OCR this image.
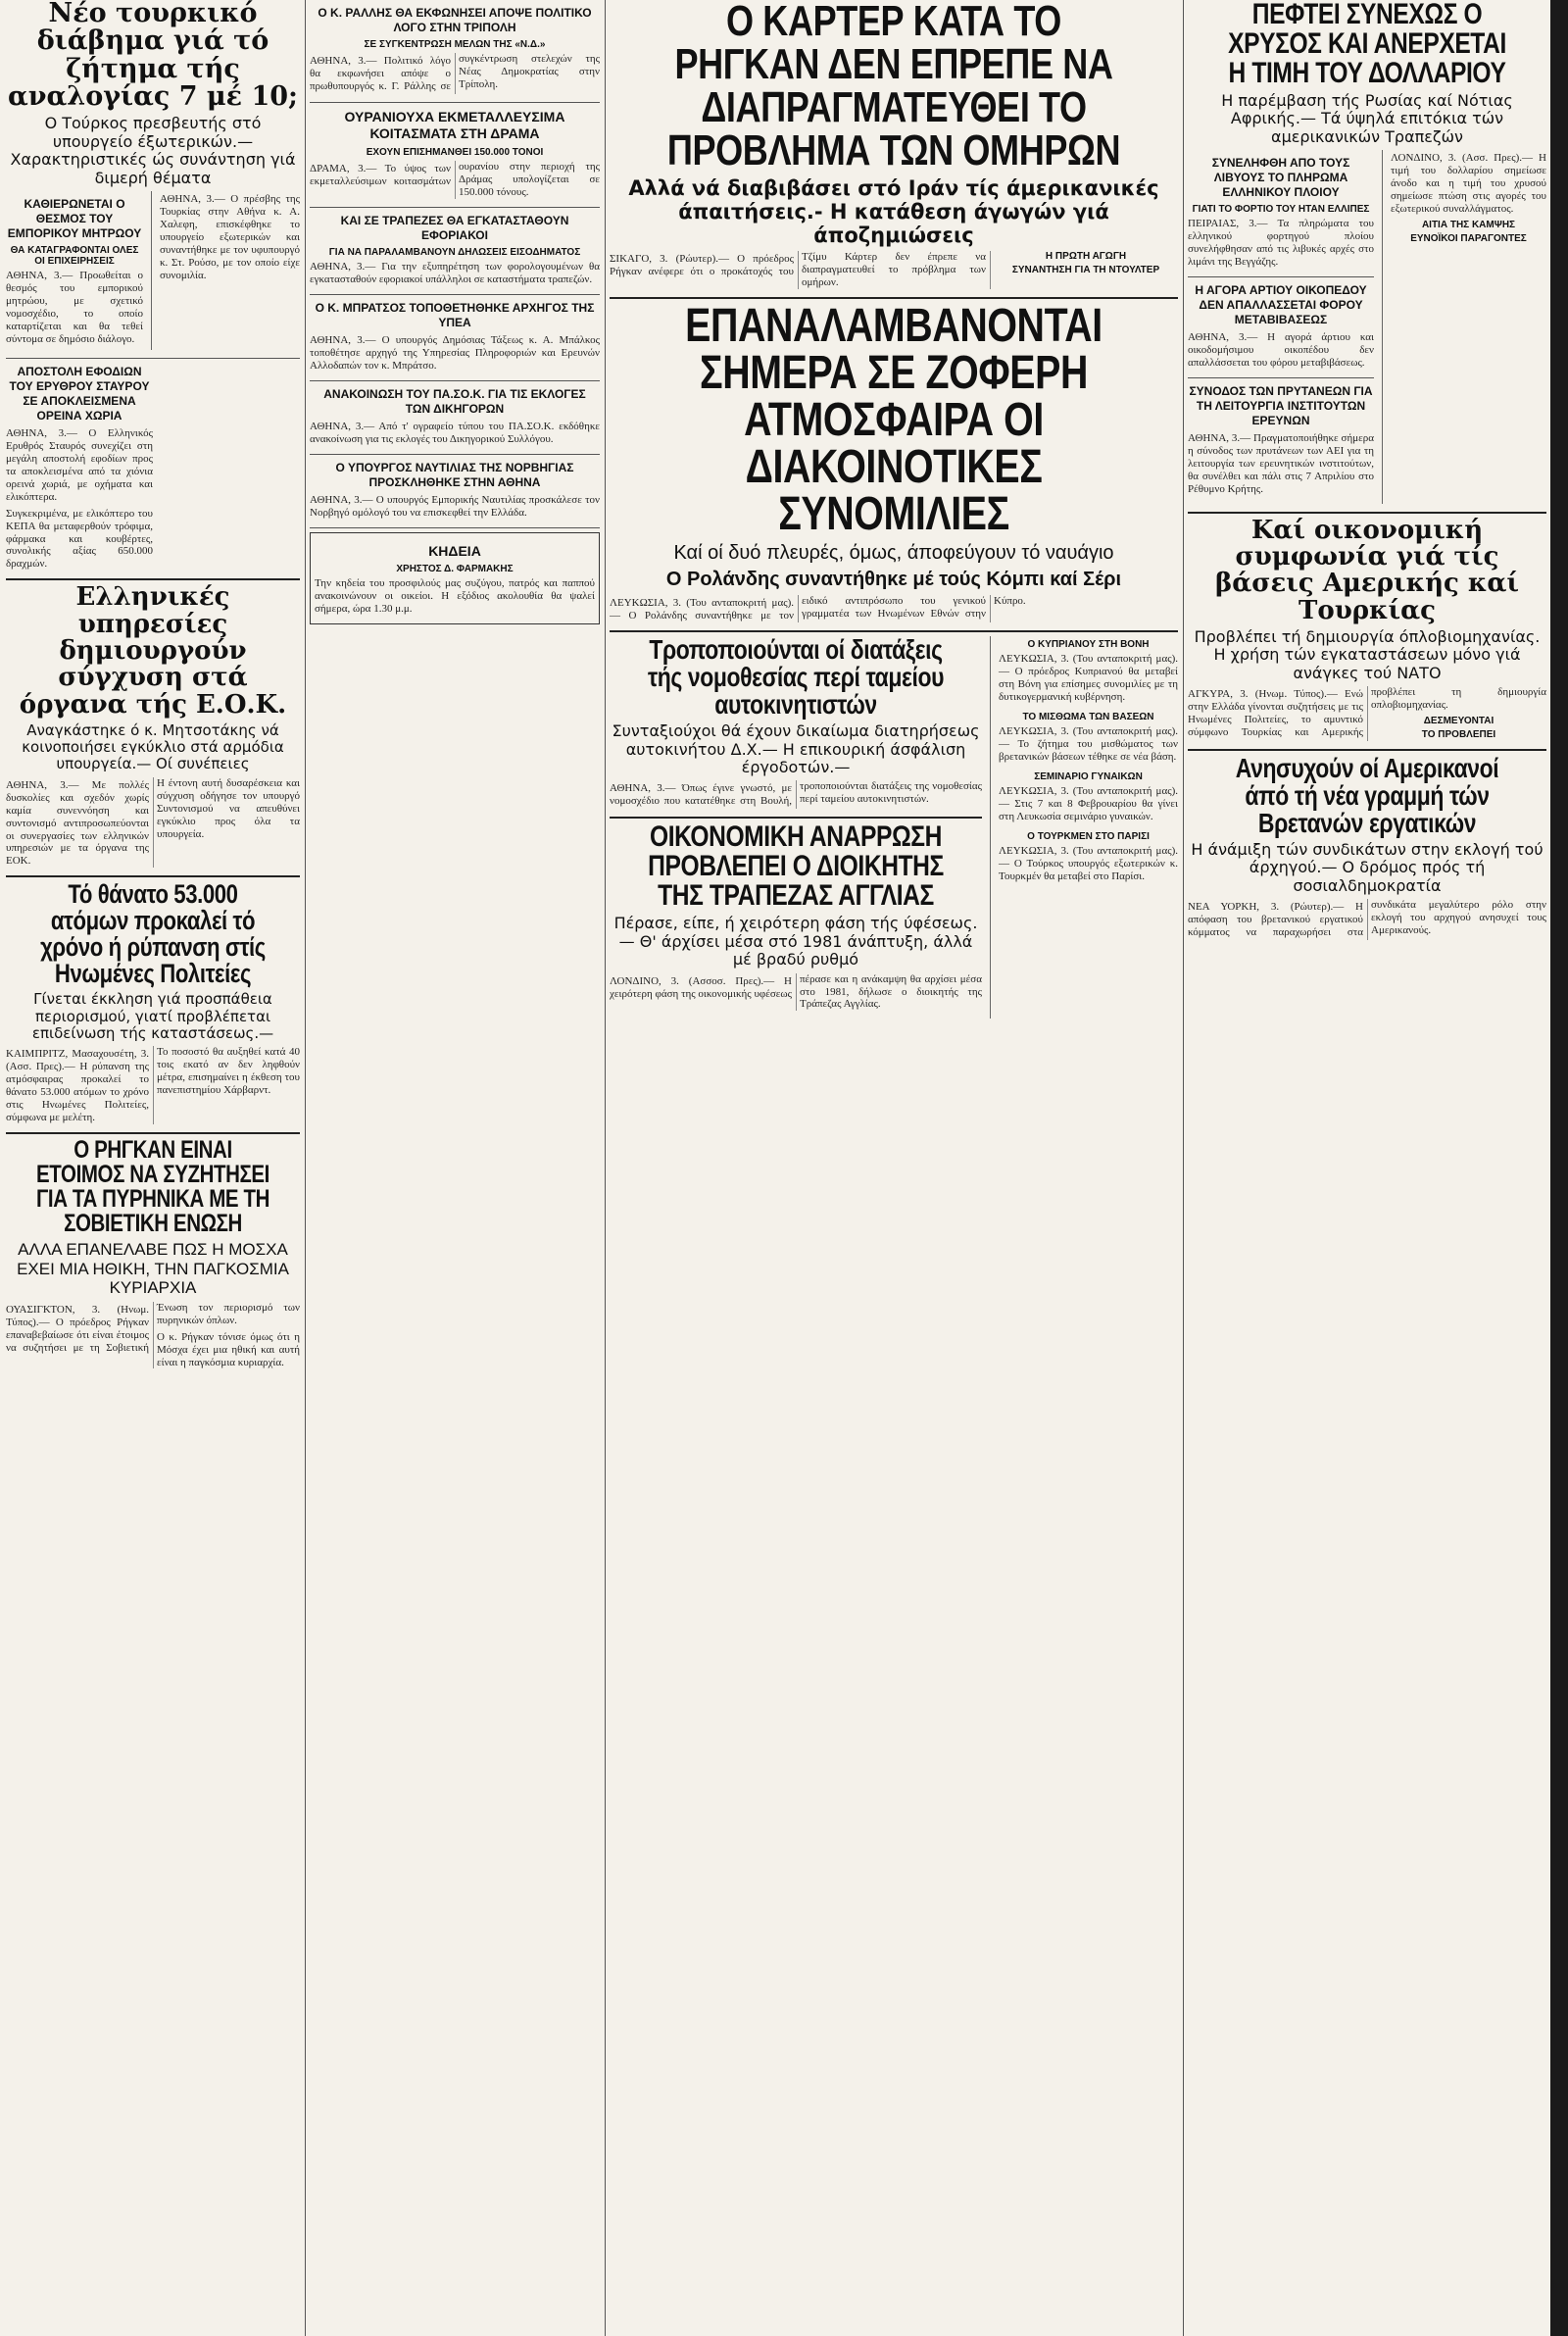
Νέο τουρκικό διάβημα γιά τό ζήτημα τής αναλογίας 7 μέ 10;

Ο Τούρκος πρεσβευτής στό υπουργείο έξωτερικών.— Χαρακτηριστικές ώς συνάντηση γιά διμερή θέματα

ΚΑΘΙΕΡΩΝΕΤΑΙ Ο ΘΕΣΜΟΣ ΤΟΥ ΕΜΠΟΡΙΚΟΥ ΜΗΤΡΩΟΥ

ΘΑ ΚΑΤΑΓΡΑΦΟΝΤΑΙ ΟΛΕΣ ΟΙ ΕΠΙΧΕΙΡΗΣΕΙΣ

ΑΘΗΝΑ, 3.— Προωθείται ο θεσμός του εμπορικού μητρώου, με σχετικό νομοσχέδιο, το οποίο καταρτίζεται και θα τεθεί σύντομα σε δημόσιο διάλογο.

ΑΘΗΝΑ, 3.— Ο πρέσβης της Τουρκίας στην Αθήνα κ. Α. Χαλεφη, επισκέφθηκε το υπουργείο εξωτερικών και συναντήθηκε με τον υφυπουργό κ. Στ. Ρούσο, με τον οποίο είχε συνομιλία.

ΑΠΟΣΤΟΛΗ ΕΦΟΔΙΩΝ ΤΟΥ ΕΡΥΘΡΟΥ ΣΤΑΥΡΟΥ ΣΕ ΑΠΟΚΛΕΙΣΜΕΝΑ ΟΡΕΙΝΑ ΧΩΡΙΑ

ΑΘΗΝΑ, 3.— Ο Ελληνικός Ερυθρός Σταυρός συνεχίζει στη μεγάλη αποστολή εφοδίων προς τα αποκλεισμένα από τα χιόνια ορεινά χωριά, με οχήματα και ελικόπτερα.

Συγκεκριμένα, με ελικόπτερο του ΚΕΠΑ θα μεταφερθούν τρόφιμα, φάρμακα και κουβέρτες, συνολικής αξίας 650.000 δραχμών.

Ελληνικές υπηρεσίες δημιουργούν σύγχυση στά όργανα τής Ε.Ο.Κ.

Αναγκάστηκε ό κ. Μητσοτάκης νά κοινοποιήσει εγκύκλιο στά αρμόδια υπουργεία.— Οί συνέπειες

ΑΘΗΝΑ, 3.— Με πολλές δυσκολίες και σχεδόν χωρίς καμία συνεννόηση και συντονισμό αντιπροσωπεύονται οι συνεργασίες των ελληνικών υπηρεσιών με τα όργανα της ΕΟΚ.

Η έντονη αυτή δυσαρέσκεια και σύγχυση οδήγησε τον υπουργό Συντονισμού να απευθύνει εγκύκλιο προς όλα τα υπουργεία.

Τό θάνατο 53.000 ατόμων προκαλεί τό χρόνο ή ρύπανση στίς Ηνωμένες Πολιτείες

Γίνεται έκκληση γιά προσπάθεια περιορισμού, γιατί προβλέπεται επιδείνωση τής καταστάσεως.—

ΚΑΙΜΠΡΙΤΖ, Μασαχουσέτη, 3. (Ασσ. Πρες).— Η ρύπανση της ατμόσφαιρας προκαλεί το θάνατο 53.000 ατόμων το χρόνο στις Ηνωμένες Πολιτείες, σύμφωνα με μελέτη.

Το ποσοστό θα αυξηθεί κατά 40 τοις εκατό αν δεν ληφθούν μέτρα, επισημαίνει η έκθεση του πανεπιστημίου Χάρβαρντ.

Ο ΡΗΓΚΑΝ ΕΙΝΑΙ ΕΤΟΙΜΟΣ ΝΑ ΣΥΖΗΤΗΣΕΙ ΓΙΑ ΤΑ ΠΥΡΗΝΙΚΑ ΜΕ ΤΗ ΣΟΒΙΕΤΙΚΗ ΕΝΩΣΗ

ΑΛΛΑ ΕΠΑΝΕΛΑΒΕ ΠΩΣ Η ΜΟΣΧΑ ΕΧΕΙ ΜΙΑ ΗΘΙΚΗ, ΤΗΝ ΠΑΓΚΟΣΜΙΑ ΚΥΡΙΑΡΧΙΑ

ΟΥΑΣΙΓΚΤΟΝ, 3. (Ηνωμ. Τύπος).— Ο πρόεδρος Ρήγκαν επαναβεβαίωσε ότι είναι έτοιμος να συζητήσει με τη Σοβιετική Ένωση τον περιορισμό των πυρηνικών όπλων.

Ο κ. Ρήγκαν τόνισε όμως ότι η Μόσχα έχει μια ηθική και αυτή είναι η παγκόσμια κυριαρχία.

Ο Κ. ΡΑΛΛΗΣ ΘΑ ΕΚΦΩΝΗΣΕΙ ΑΠΟΨΕ ΠΟΛΙΤΙΚΟ ΛΟΓΟ ΣΤΗΝ ΤΡΙΠΟΛΗ

ΣΕ ΣΥΓΚΕΝΤΡΩΣΗ ΜΕΛΩΝ ΤΗΣ «Ν.Δ.»

ΑΘΗΝΑ, 3.— Πολιτικό λόγο θα εκφωνήσει απόψε ο πρωθυπουργός κ. Γ. Ράλλης σε συγκέντρωση στελεχών της Νέας Δημοκρατίας στην Τρίπολη.

ΟΥΡΑΝΙΟΥΧΑ ΕΚΜΕΤΑΛΛΕΥΣΙΜΑ ΚΟΙΤΑΣΜΑΤΑ ΣΤΗ ΔΡΑΜΑ

ΕΧΟΥΝ ΕΠΙΣΗΜΑΝΘΕΙ 150.000 ΤΟΝΟΙ

ΔΡΑΜΑ, 3.— Το ύψος των εκμεταλλεύσιμων κοιτασμάτων ουρανίου στην περιοχή της Δράμας υπολογίζεται σε 150.000 τόνους.

ΚΑΙ ΣΕ ΤΡΑΠΕΖΕΣ ΘΑ ΕΓΚΑΤΑΣΤΑΘΟΥΝ ΕΦΟΡΙΑΚΟΙ

ΓΙΑ ΝΑ ΠΑΡΑΛΑΜΒΑΝΟΥΝ ΔΗΛΩΣΕΙΣ ΕΙΣΟΔΗΜΑΤΟΣ

ΑΘΗΝΑ, 3.— Για την εξυπηρέτηση των φορολογουμένων θα εγκατασταθούν εφοριακοί υπάλληλοι σε καταστήματα τραπεζών.

Ο Κ. ΜΠΡΑΤΣΟΣ ΤΟΠΟΘΕΤΗΘΗΚΕ ΑΡΧΗΓΟΣ ΤΗΣ ΥΠΕΑ

ΑΘΗΝΑ, 3.— Ο υπουργός Δημόσιας Τάξεως κ. Α. Μπάλκος τοποθέτησε αρχηγό της Υπηρεσίας Πληροφοριών και Ερευνών Αλλοδαπών τον κ. Μπράτσο.

ΑΝΑΚΟΙΝΩΣΗ ΤΟΥ ΠΑ.ΣΟ.Κ. ΓΙΑ ΤΙΣ ΕΚΛΟΓΕΣ ΤΩΝ ΔΙΚΗΓΟΡΩΝ

ΑΘΗΝΑ, 3.— Από τ' ογραφείο τύπου του ΠΑ.ΣΟ.Κ. εκδόθηκε ανακοίνωση για τις εκλογές του Δικηγορικού Συλλόγου.

Ο ΥΠΟΥΡΓΟΣ ΝΑΥΤΙΛΙΑΣ ΤΗΣ ΝΟΡΒΗΓΙΑΣ ΠΡΟΣΚΛΗΘΗΚΕ ΣΤΗΝ ΑΘΗΝΑ

ΑΘΗΝΑ, 3.— Ο υπουργός Εμπορικής Ναυτιλίας προσκάλεσε τον Νορβηγό ομόλογό του να επισκεφθεί την Ελλάδα.

ΚΗΔΕΙΑ

ΧΡΗΣΤΟΣ Δ. ΦΑΡΜΑΚΗΣ

Την κηδεία του προσφιλούς μας συζύγου, πατρός και παππού ανακοινώνουν οι οικείοι. Η εξόδιος ακολουθία θα ψαλεί σήμερα, ώρα 1.30 μ.μ.

Ο ΚΑΡΤΕΡ ΚΑΤΑ ΤΟ ΡΗΓΚΑΝ ΔΕΝ ΕΠΡΕΠΕ ΝΑ ΔΙΑΠΡΑΓΜΑΤΕΥΘΕΙ ΤΟ ΠΡΟΒΛΗΜΑ ΤΩΝ ΟΜΗΡΩΝ

Αλλά νά διαβιβάσει στό Ιράν τίς άμερικανικές άπαιτήσεις.- Η κατάθεση άγωγών γιά άποζημιώσεις

ΣΙΚΑΓΟ, 3. (Ρώυτερ).— Ο πρόεδρος Ρήγκαν ανέφερε ότι ο προκάτοχός του Τζίμυ Κάρτερ δεν έπρεπε να διαπραγματευθεί το πρόβλημα των ομήρων.

Η ΠΡΩΤΗ ΑΓΩΓΗ

ΣΥΝΑΝΤΗΣΗ ΓΙΑ ΤΗ ΝΤΟΥΛΤΕΡ

ΕΠΑΝΑΛΑΜΒΑΝΟΝΤΑΙ ΣΗΜΕΡΑ ΣΕ ΖΟΦΕΡΗ ΑΤΜΟΣΦΑΙΡΑ ΟΙ ΔΙΑΚΟΙΝΟΤΙΚΕΣ ΣΥΝΟΜΙΛΙΕΣ

Καί οί δυό πλευρές, όμως, άποφεύγουν τό ναυάγιο

Ο Ρολάνδης συναντήθηκε μέ τούς Κόμπι καί Σέρι

ΛΕΥΚΩΣΙΑ, 3. (Του ανταποκριτή μας).— Ο Ρολάνδης συναντήθηκε με τον ειδικό αντιπρόσωπο του γενικού γραμματέα των Ηνωμένων Εθνών στην Κύπρο.

Τροποποιούνται οί διατάξεις τής νομοθεσίας περί ταμείου αυτοκινητιστών

Συνταξιούχοι θά έχουν δικαίωμα διατηρήσεως αυτοκινήτου Δ.Χ.— Η επικουρική άσφάλιση έργοδοτών.—

ΑΘΗΝΑ, 3.— Όπως έγινε γνωστό, με νομοσχέδιο που κατατέθηκε στη Βουλή, τροποποιούνται διατάξεις της νομοθεσίας περί ταμείου αυτοκινητιστών.

ΟΙΚΟΝΟΜΙΚΗ ΑΝΑΡΡΩΣΗ ΠΡΟΒΛΕΠΕΙ Ο ΔΙΟΙΚΗΤΗΣ ΤΗΣ ΤΡΑΠΕΖΑΣ ΑΓΓΛΙΑΣ

Πέρασε, είπε, ή χειρότερη φάση τής ύφέσεως.— Θ' άρχίσει μέσα στό 1981 άνάπτυξη, άλλά μέ βραδύ ρυθμό

ΛΟΝΔΙΝΟ, 3. (Ασσοσ. Πρες).— Η χειρότερη φάση της οικονομικής υφέσεως πέρασε και η ανάκαμψη θα αρχίσει μέσα στο 1981, δήλωσε ο διοικητής της Τράπεζας Αγγλίας.

Ο ΚΥΠΡΙΑΝΟΥ ΣΤΗ ΒΟΝΗ

ΛΕΥΚΩΣΙΑ, 3. (Του ανταποκριτή μας).— Ο πρόεδρος Κυπριανού θα μεταβεί στη Βόνη για επίσημες συνομιλίες με τη δυτικογερμανική κυβέρνηση.

ΤΟ ΜΙΣΘΩΜΑ ΤΩΝ ΒΑΣΕΩΝ

ΛΕΥΚΩΣΙΑ, 3. (Του ανταποκριτή μας).— Το ζήτημα του μισθώματος των βρετανικών βάσεων τέθηκε σε νέα βάση.

ΣΕΜΙΝΑΡΙΟ ΓΥΝΑΙΚΩΝ

ΛΕΥΚΩΣΙΑ, 3. (Του ανταποκριτή μας).— Στις 7 και 8 Φεβρουαρίου θα γίνει στη Λευκωσία σεμινάριο γυναικών.

Ο ΤΟΥΡΚΜΕΝ ΣΤΟ ΠΑΡΙΣΙ

ΛΕΥΚΩΣΙΑ, 3. (Του ανταποκριτή μας).— Ο Τούρκος υπουργός εξωτερικών κ. Τουρκμέν θα μεταβεί στο Παρίσι.

ΠΕΦΤΕΙ ΣΥΝΕΧΩΣ Ο ΧΡΥΣΟΣ ΚΑΙ ΑΝΕΡΧΕΤΑΙ Η ΤΙΜΗ ΤΟΥ ΔΟΛΛΑΡΙΟΥ

Η παρέμβαση τής Ρωσίας καί Νότιας Αφρικής.— Τά ύψηλά επιτόκια τών αμερικανικών Τραπεζών

ΣΥΝΕΛΗΦΘΗ ΑΠΟ ΤΟΥΣ ΛΙΒΥΟΥΣ ΤΟ ΠΛΗΡΩΜΑ ΕΛΛΗΝΙΚΟΥ ΠΛΟΙΟΥ

ΓΙΑΤΙ ΤΟ ΦΟΡΤΙΟ ΤΟΥ ΗΤΑΝ ΕΛΛΙΠΕΣ

ΠΕΙΡΑΙΑΣ, 3.— Τα πληρώματα του ελληνικού φορτηγού πλοίου συνελήφθησαν από τις λιβυκές αρχές στο λιμάνι της Βεγγάζης.

Η ΑΓΟΡΑ ΑΡΤΙΟΥ ΟΙΚΟΠΕΔΟΥ ΔΕΝ ΑΠΑΛΛΑΣΣΕΤΑΙ ΦΟΡΟΥ ΜΕΤΑΒΙΒΑΣΕΩΣ

ΑΘΗΝΑ, 3.— Η αγορά άρτιου και οικοδομήσιμου οικοπέδου δεν απαλλάσσεται του φόρου μεταβιβάσεως.

ΣΥΝΟΔΟΣ ΤΩΝ ΠΡΥΤΑΝΕΩΝ ΓΙΑ ΤΗ ΛΕΙΤΟΥΡΓΙΑ ΙΝΣΤΙΤΟΥΤΩΝ ΕΡΕΥΝΩΝ

ΑΘΗΝΑ, 3.— Πραγματοποιήθηκε σήμερα η σύνοδος των πρυτάνεων των ΑΕΙ για τη λειτουργία των ερευνητικών ινστιτούτων, θα συνέλθει και πάλι στις 7 Απριλίου στο Ρέθυμνο Κρήτης.

ΛΟΝΔΙΝΟ, 3. (Ασσ. Πρες).— Η τιμή του δολλαρίου σημείωσε άνοδο και η τιμή του χρυσού σημείωσε πτώση στις αγορές του εξωτερικού συναλλάγματος.

ΑΙΤΙΑ ΤΗΣ ΚΑΜΨΗΣ

ΕΥΝΟΪΚΟΙ ΠΑΡΑΓΟΝΤΕΣ

Καί οικονομική συμφωνία γιά τίς βάσεις Αμερικής καί Τουρκίας

Προβλέπει τή δημιουργία όπλοβιομηχανίας. Η χρήση τών εγκαταστάσεων μόνο γιά ανάγκες τού ΝΑΤΟ

ΑΓΚΥΡΑ, 3. (Ηνωμ. Τύπος).— Ενώ στην Ελλάδα γίνονται συζητήσεις με τις Ηνωμένες Πολιτείες, το αμυντικό σύμφωνο Τουρκίας και Αμερικής προβλέπει τη δημιουργία οπλοβιομηχανίας.

ΔΕΣΜΕΥΟΝΤΑΙ

ΤΟ ΠΡΟΒΛΕΠΕΙ

Ανησυχούν οί Αμερικανοί άπό τή νέα γραμμή τών Βρετανών εργατικών

Η άνάμιξη τών συνδικάτων στην εκλογή τού άρχηγού.— Ο δρόμος πρός τή σοσιαλδημοκρατία

ΝΕΑ ΥΟΡΚΗ, 3. (Ρώυτερ).— Η απόφαση του βρετανικού εργατικού κόμματος να παραχωρήσει στα συνδικάτα μεγαλύτερο ρόλο στην εκλογή του αρχηγού ανησυχεί τους Αμερικανούς.
